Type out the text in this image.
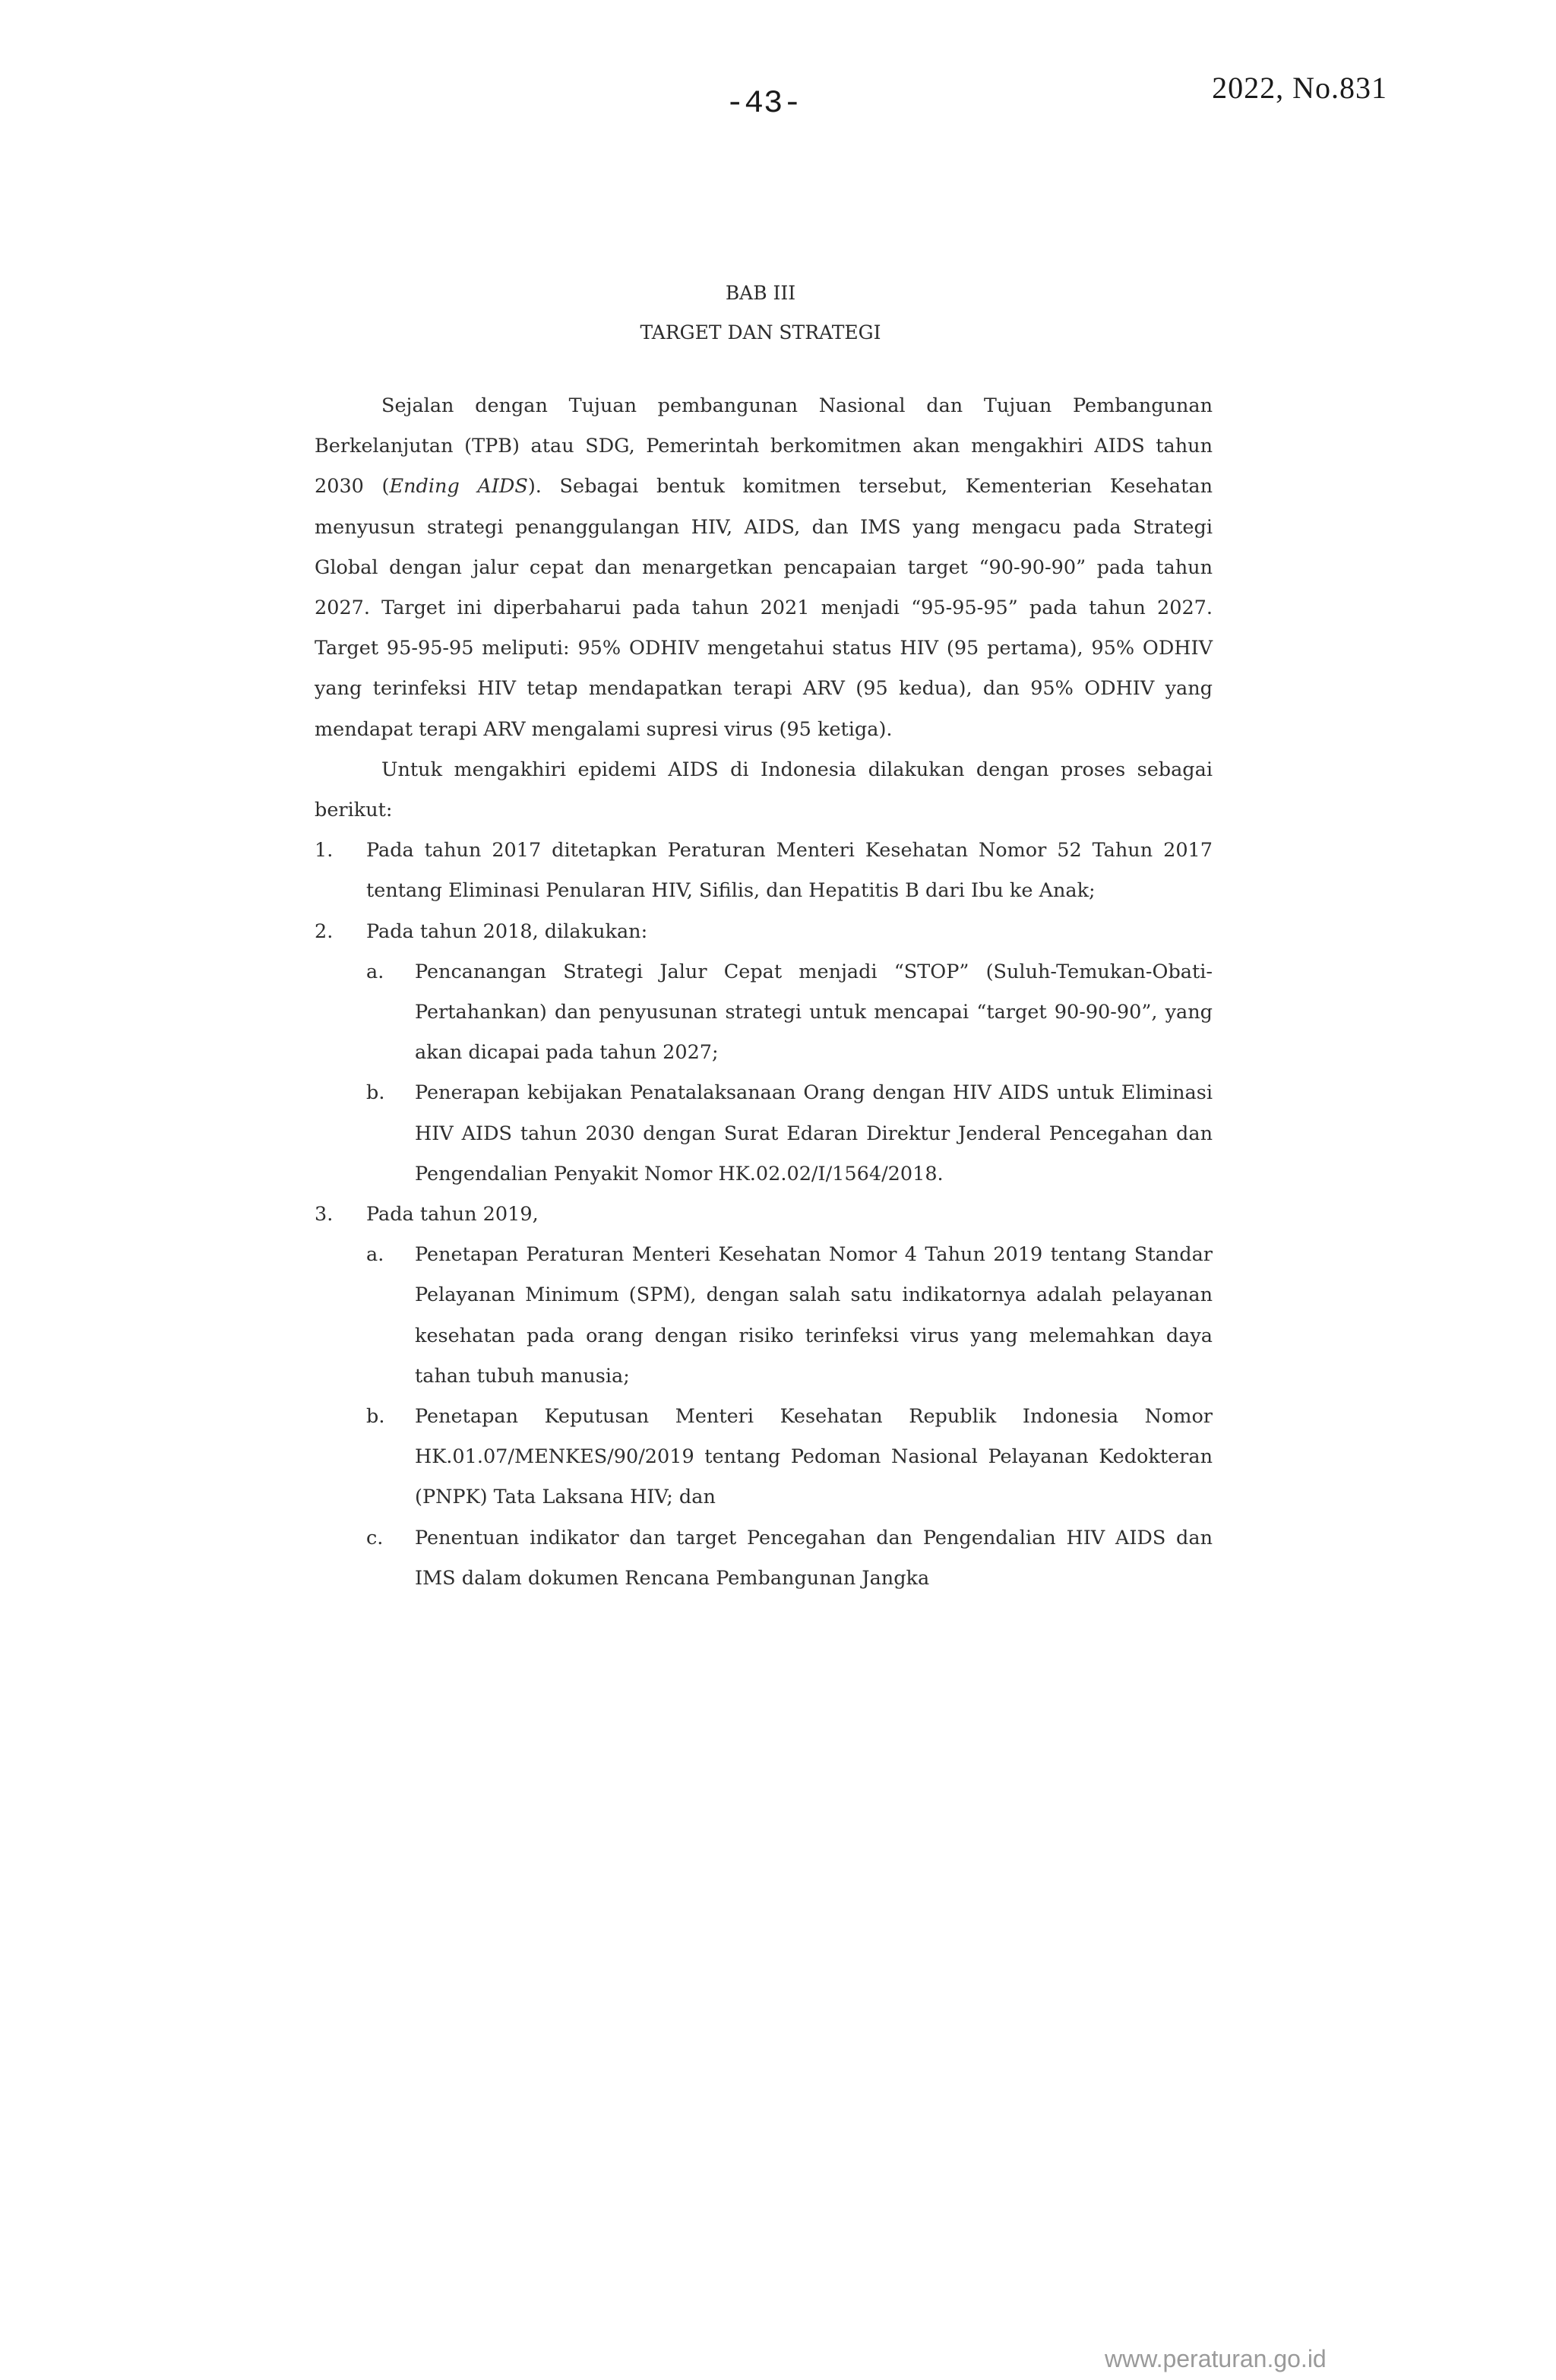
-43-	2022, No.831
BAB III
TARGET DAN STRATEGI

Sejalan dengan Tujuan pembangunan Nasional dan Tujuan Pembangunan Berkelanjutan (TPB) atau SDG, Pemerintah berkomitmen akan mengakhiri AIDS tahun 2030 (Ending AIDS). Sebagai bentuk komitmen tersebut, Kementerian Kesehatan menyusun strategi penanggulangan HIV, AIDS, dan IMS yang mengacu pada Strategi Global dengan jalur cepat dan menargetkan pencapaian target “90-90-90” pada tahun 2027. Target ini diperbaharui pada tahun 2021 menjadi “95-95-95” pada tahun 2027. Target 95-95-95 meliputi: 95% ODHIV mengetahui status HIV (95 pertama), 95% ODHIV yang terinfeksi HIV tetap mendapatkan terapi ARV (95 kedua), dan 95% ODHIV yang mendapat terapi ARV mengalami supresi virus (95 ketiga).

Untuk mengakhiri epidemi AIDS di Indonesia dilakukan dengan proses sebagai berikut:

1. Pada tahun 2017 ditetapkan Peraturan Menteri Kesehatan Nomor 52 Tahun 2017 tentang Eliminasi Penularan HIV, Sifilis, dan Hepatitis B dari Ibu ke Anak;
2. Pada tahun 2018, dilakukan:
a. Pencanangan Strategi Jalur Cepat menjadi “STOP” (Suluh-Temukan-Obati-Pertahankan) dan penyusunan strategi untuk mencapai “target 90-90-90”, yang akan dicapai pada tahun 2027;
b. Penerapan kebijakan Penatalaksanaan Orang dengan HIV AIDS untuk Eliminasi HIV AIDS tahun 2030 dengan Surat Edaran Direktur Jenderal Pencegahan dan Pengendalian Penyakit Nomor HK.02.02/I/1564/2018.
3. Pada tahun 2019,
a. Penetapan Peraturan Menteri Kesehatan Nomor 4 Tahun 2019 tentang Standar Pelayanan Minimum (SPM), dengan salah satu indikatornya adalah pelayanan kesehatan pada orang dengan risiko terinfeksi virus yang melemahkan daya tahan tubuh manusia;
b. Penetapan Keputusan Menteri Kesehatan Republik Indonesia Nomor HK.01.07/MENKES/90/2019 tentang Pedoman Nasional Pelayanan Kedokteran (PNPK) Tata Laksana HIV; dan
c. Penentuan indikator dan target Pencegahan dan Pengendalian HIV AIDS dan IMS dalam dokumen Rencana Pembangunan Jangka
www.peraturan.go.id
